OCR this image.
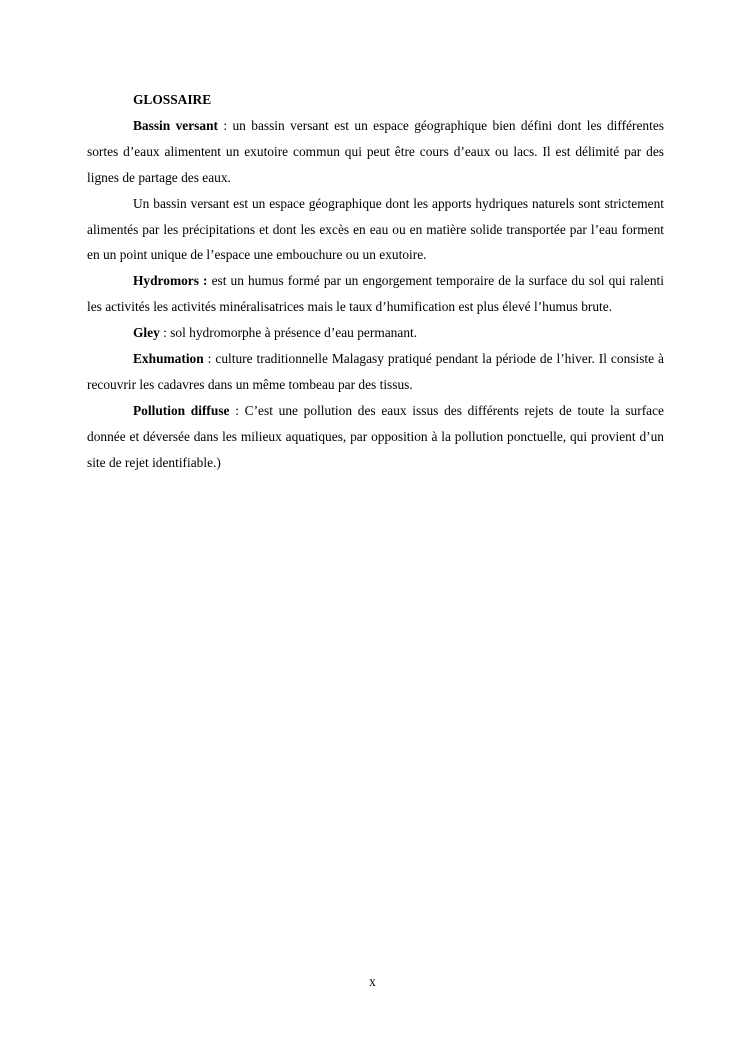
GLOSSAIRE

Bassin versant : un bassin versant est un espace géographique bien défini dont les différentes sortes d’eaux alimentent un exutoire commun qui peut être cours d’eaux ou lacs. Il est délimité par des lignes de partage des eaux.

Un bassin versant est un espace géographique dont les apports hydriques naturels sont strictement alimentés par les précipitations et dont les excès en eau ou en matière solide transportée par l’eau forment en un point unique de l’espace une embouchure ou un exutoire.

Hydromors : est un humus formé par un engorgement temporaire de la surface du sol qui ralenti les activités les activités minéralisatrices mais le taux d’humification est plus élevé l’humus brute.

Gley : sol hydromorphe à présence d’eau permanant.

Exhumation : culture traditionnelle Malagasy pratiqué pendant la période de l’hiver. Il consiste à recouvrir les cadavres dans un même tombeau par des tissus.

Pollution diffuse : C’est une pollution des eaux issus des différents rejets de toute la surface donnée et déversée dans les milieux aquatiques, par opposition à la pollution ponctuelle, qui provient d’un site de rejet identifiable.)

x
